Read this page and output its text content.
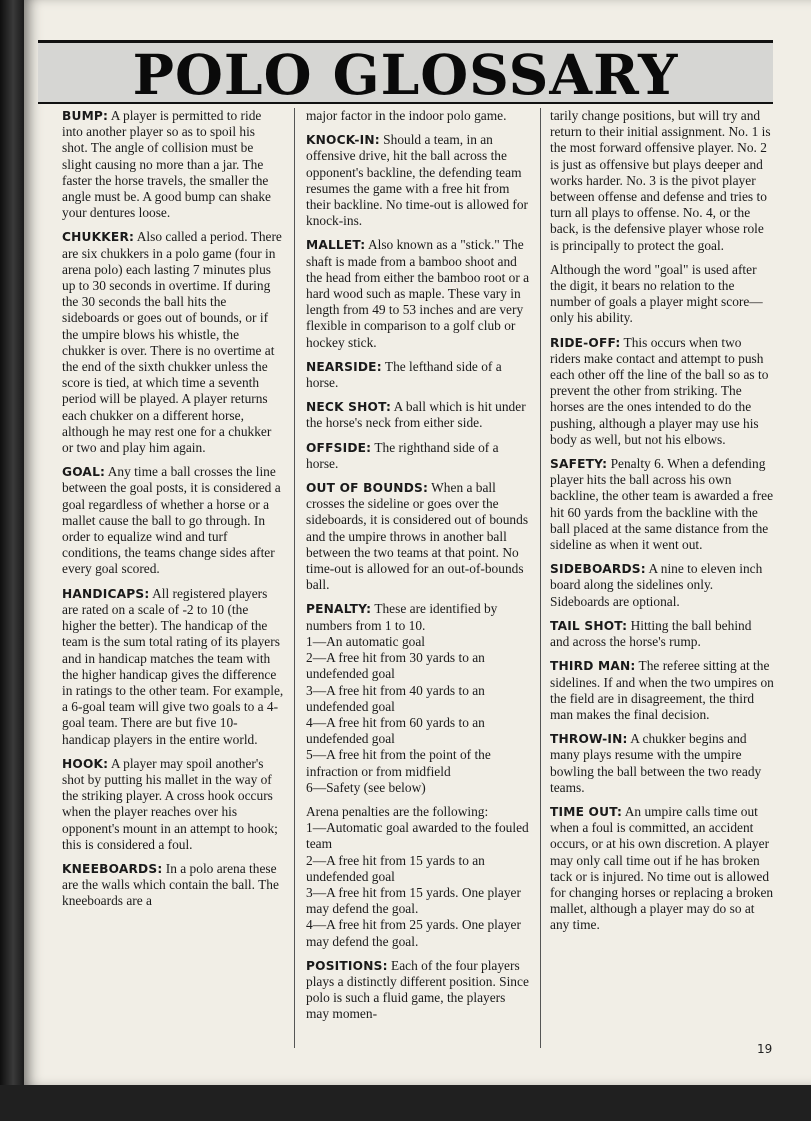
POLO GLOSSARY

BUMP: A player is permitted to ride into another player so as to spoil his shot. The angle of collision must be slight causing no more than a jar. The faster the horse travels, the smaller the angle must be. A good bump can shake your dentures loose.

CHUKKER: Also called a period. There are six chukkers in a polo game (four in arena polo) each lasting 7 minutes plus up to 30 seconds in overtime. If during the 30 seconds the ball hits the sideboards or goes out of bounds, or if the umpire blows his whistle, the chukker is over. There is no overtime at the end of the sixth chukker unless the score is tied, at which time a seventh period will be played. A player returns each chukker on a different horse, although he may rest one for a chukker or two and play him again.

GOAL: Any time a ball crosses the line between the goal posts, it is considered a goal regardless of whether a horse or a mallet cause the ball to go through. In order to equalize wind and turf conditions, the teams change sides after every goal scored.

HANDICAPS: All registered players are rated on a scale of -2 to 10 (the higher the better). The handicap of the team is the sum total rating of its players and in handicap matches the team with the higher handicap gives the difference in ratings to the other team. For example, a 6-goal team will give two goals to a 4-goal team. There are but five 10-handicap players in the entire world.

HOOK: A player may spoil another's shot by putting his mallet in the way of the striking player. A cross hook occurs when the player reaches over his opponent's mount in an attempt to hook; this is considered a foul.

KNEEBOARDS: In a polo arena these are the walls which contain the ball. The kneeboards are a

major factor in the indoor polo game.

KNOCK-IN: Should a team, in an offensive drive, hit the ball across the opponent's backline, the defending team resumes the game with a free hit from their backline. No time-out is allowed for knock-ins.

MALLET: Also known as a "stick." The shaft is made from a bamboo shoot and the head from either the bamboo root or a hard wood such as maple. These vary in length from 49 to 53 inches and are very flexible in comparison to a golf club or hockey stick.

NEARSIDE: The lefthand side of a horse.

NECK SHOT: A ball which is hit under the horse's neck from either side.

OFFSIDE: The righthand side of a horse.

OUT OF BOUNDS: When a ball crosses the sideline or goes over the sideboards, it is considered out of bounds and the umpire throws in another ball between the two teams at that point. No time-out is allowed for an out-of-bounds ball.

PENALTY: These are identified by numbers from 1 to 10.
1—An automatic goal
2—A free hit from 30 yards to an undefended goal
3—A free hit from 40 yards to an undefended goal
4—A free hit from 60 yards to an undefended goal
5—A free hit from the point of the infraction or from midfield
6—Safety (see below)

Arena penalties are the following:
1—Automatic goal awarded to the fouled team
2—A free hit from 15 yards to an undefended goal
3—A free hit from 15 yards. One player may defend the goal.
4—A free hit from 25 yards. One player may defend the goal.

POSITIONS: Each of the four players plays a distinctly different position. Since polo is such a fluid game, the players may momen-

tarily change positions, but will try and return to their initial assignment. No. 1 is the most forward offensive player. No. 2 is just as offensive but plays deeper and works harder. No. 3 is the pivot player between offense and defense and tries to turn all plays to offense. No. 4, or the back, is the defensive player whose role is principally to protect the goal.

Although the word "goal" is used after the digit, it bears no relation to the number of goals a player might score—only his ability.

RIDE-OFF: This occurs when two riders make contact and attempt to push each other off the line of the ball so as to prevent the other from striking. The horses are the ones intended to do the pushing, although a player may use his body as well, but not his elbows.

SAFETY: Penalty 6. When a defending player hits the ball across his own backline, the other team is awarded a free hit 60 yards from the backline with the ball placed at the same distance from the sideline as when it went out.

SIDEBOARDS: A nine to eleven inch board along the sidelines only. Sideboards are optional.

TAIL SHOT: Hitting the ball behind and across the horse's rump.

THIRD MAN: The referee sitting at the sidelines. If and when the two umpires on the field are in disagreement, the third man makes the final decision.

THROW-IN: A chukker begins and many plays resume with the umpire bowling the ball between the two ready teams.

TIME OUT: An umpire calls time out when a foul is committed, an accident occurs, or at his own discretion. A player may only call time out if he has broken tack or is injured. No time out is allowed for changing horses or replacing a broken mallet, although a player may do so at any time.

19
